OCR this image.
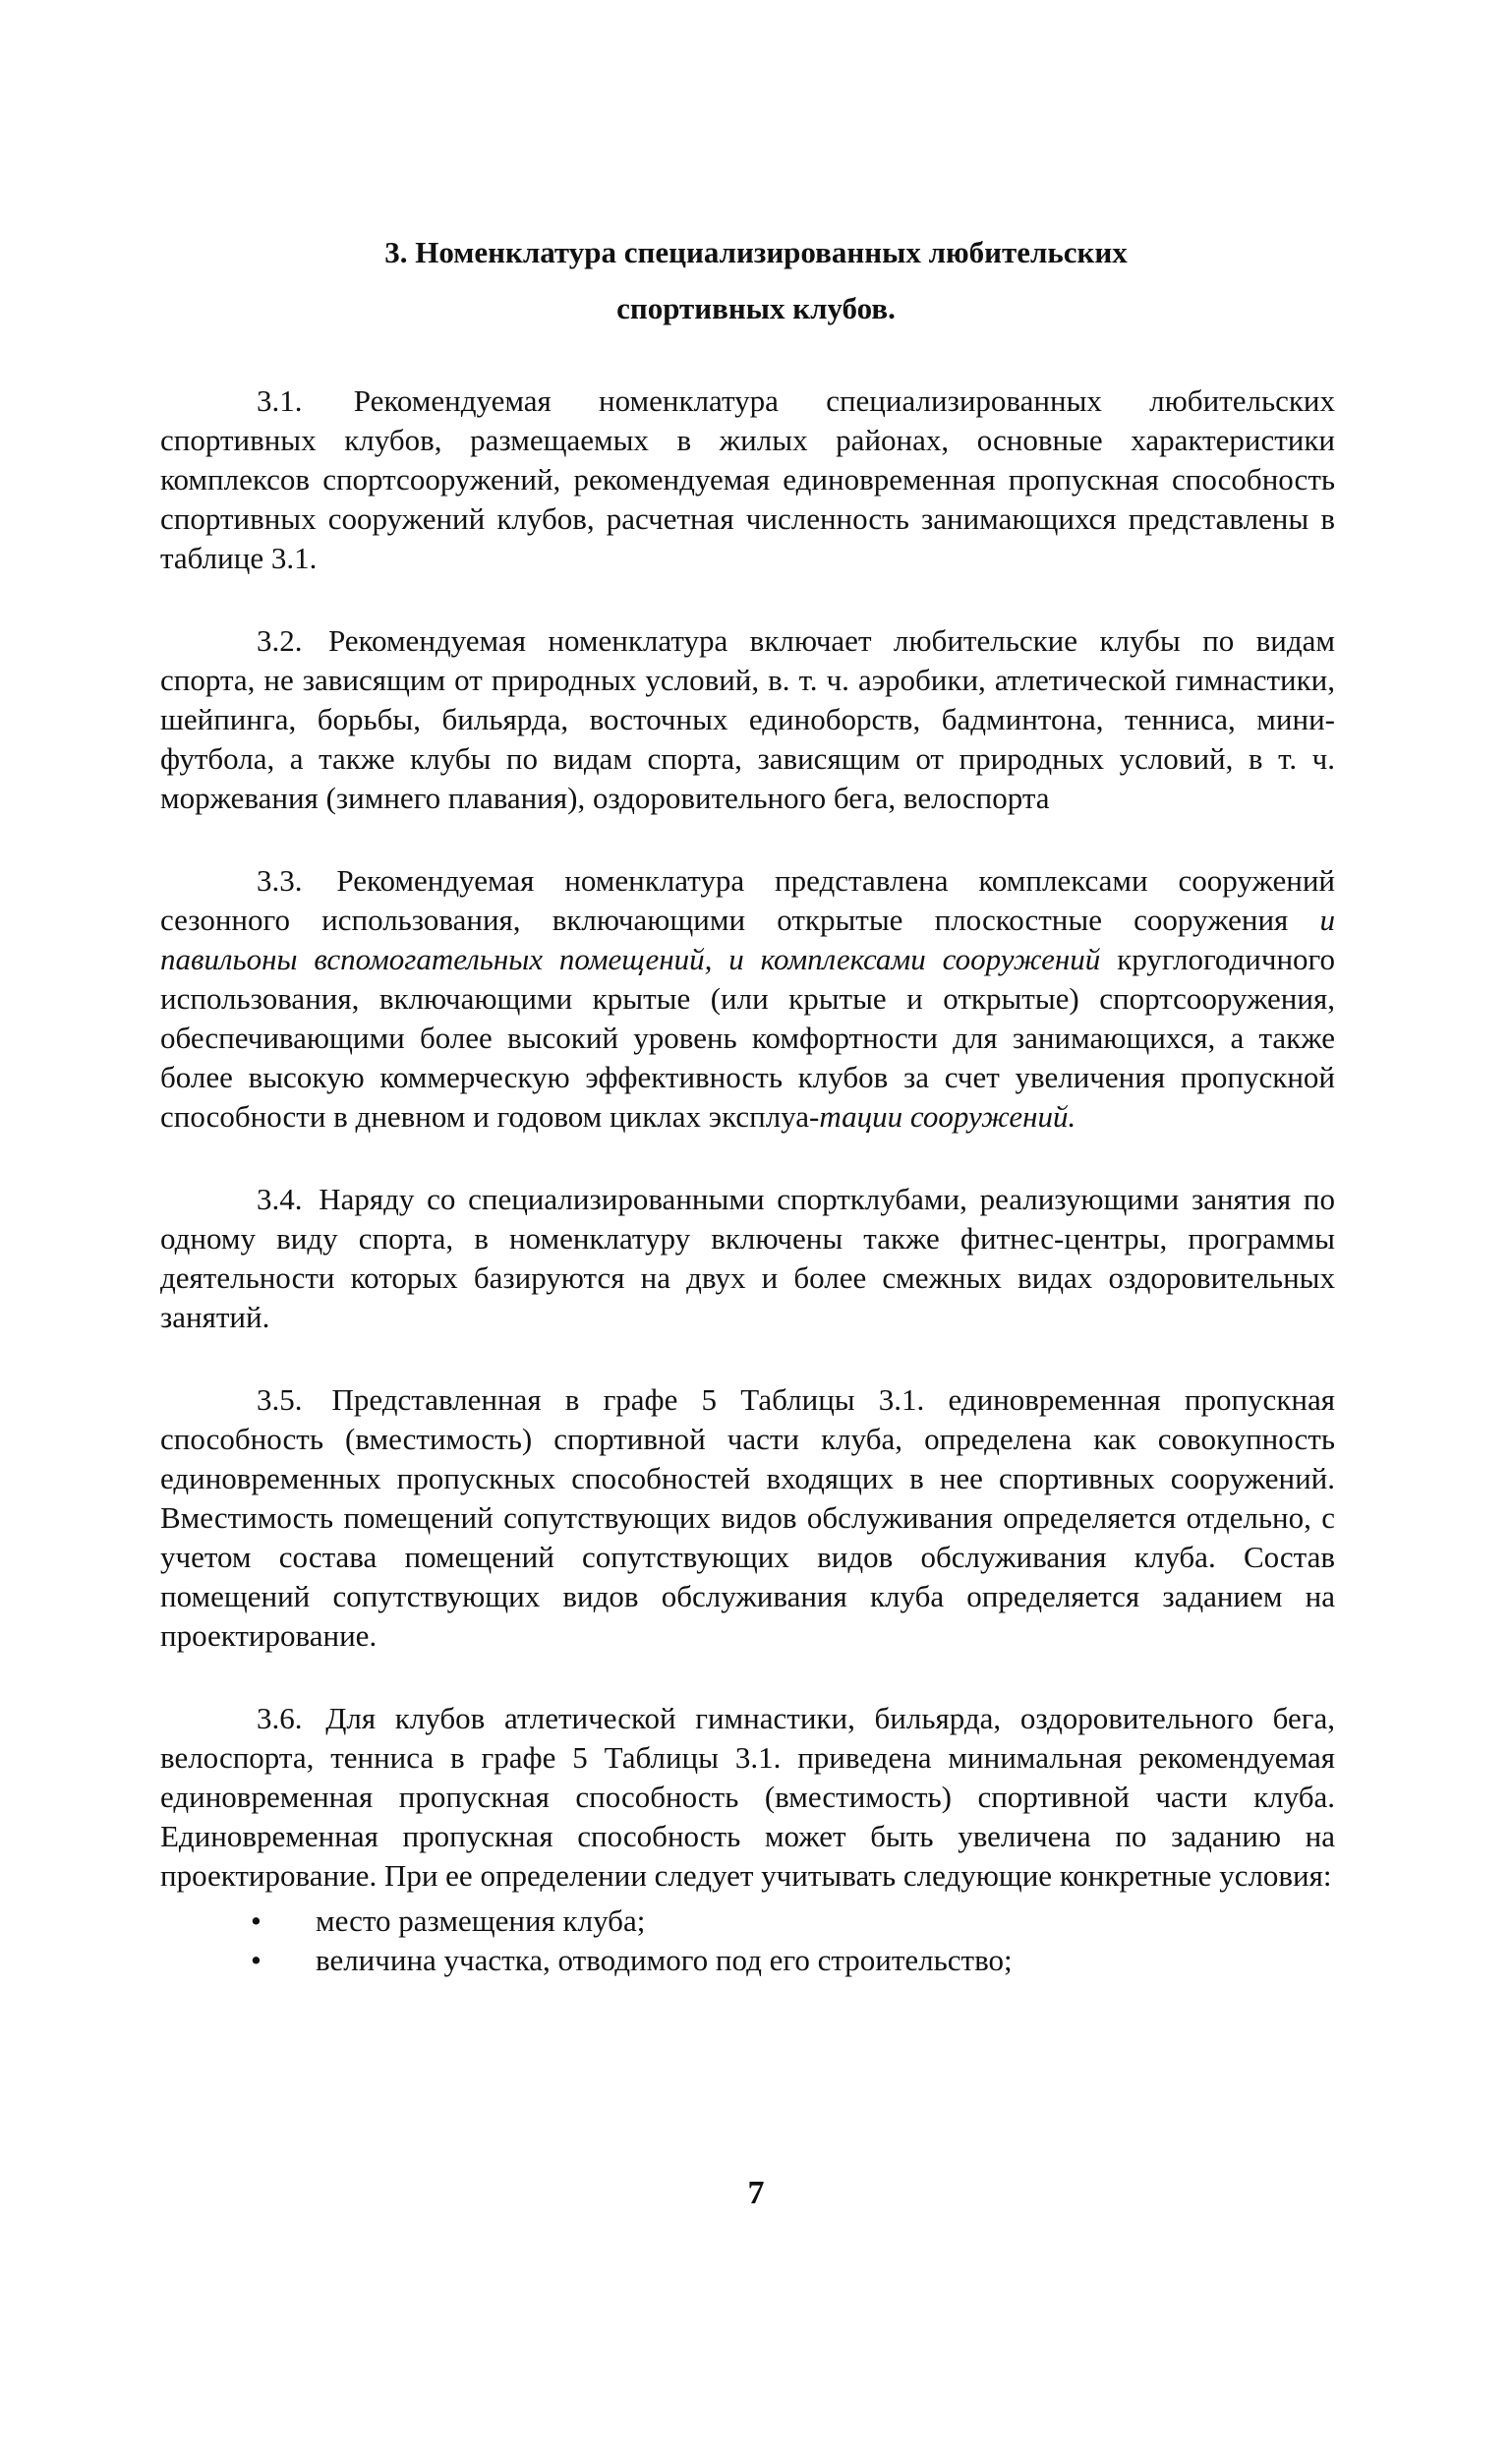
3. Номенклатура специализированных любительских
спортивных клубов.

3.1. Рекомендуемая номенклатура специализированных любительских спортивных клубов, размещаемых в жилых районах, основные характеристики комплексов спортсооружений, рекомендуемая единовременная пропускная способность спортивных сооружений клубов, расчетная численность занимающихся представлены в таблице 3.1.

3.2. Рекомендуемая номенклатура включает любительские клубы по видам спорта, не зависящим от природных условий, в. т. ч. аэробики, атлетической гимнастики, шейпинга, борьбы, бильярда, восточных единоборств, бадминтона, тенниса, мини-футбола, а также клубы по видам спорта, зависящим от природных условий, в т. ч. моржевания (зимнего плавания), оздоровительного бега, велоспорта

3.3. Рекомендуемая номенклатура представлена комплексами сооружений сезонного использования, включающими открытые плоскостные сооружения и павильоны вспомогательных помещений, и комплексами сооружений круглогодичного использования, включающими крытые (или крытые и открытые) спортсооружения, обеспечивающими более высокий уровень комфортности для занимающихся, а также более высокую коммерческую эффективность клубов за счет увеличения пропускной способности в дневном и годовом циклах эксплуа-тации сооружений.

3.4. Наряду со специализированными спортклубами, реализующими занятия по одному виду спорта, в номенклатуру включены также фитнес-центры, программы деятельности которых базируются на двух и более смежных видах оздоровительных занятий.

3.5. Представленная в графе 5 Таблицы 3.1. единовременная пропускная способность (вместимость) спортивной части клуба, определена как совокупность единовременных пропускных способностей входящих в нее спортивных сооружений. Вместимость помещений сопутствующих видов обслуживания определяется отдельно, с учетом состава помещений сопутствующих видов обслуживания клуба. Состав помещений сопутствующих видов обслуживания клуба определяется заданием на проектирование.

3.6. Для клубов атлетической гимнастики, бильярда, оздоровительного бега, велоспорта, тенниса в графе 5 Таблицы 3.1. приведена минимальная рекомендуемая единовременная пропускная способность (вместимость) спортивной части клуба. Единовременная пропускная способность может быть увеличена по заданию на проектирование. При ее определении следует учитывать следующие конкретные условия:

• место размещения клуба;
• величина участка, отводимого под его строительство;
7
